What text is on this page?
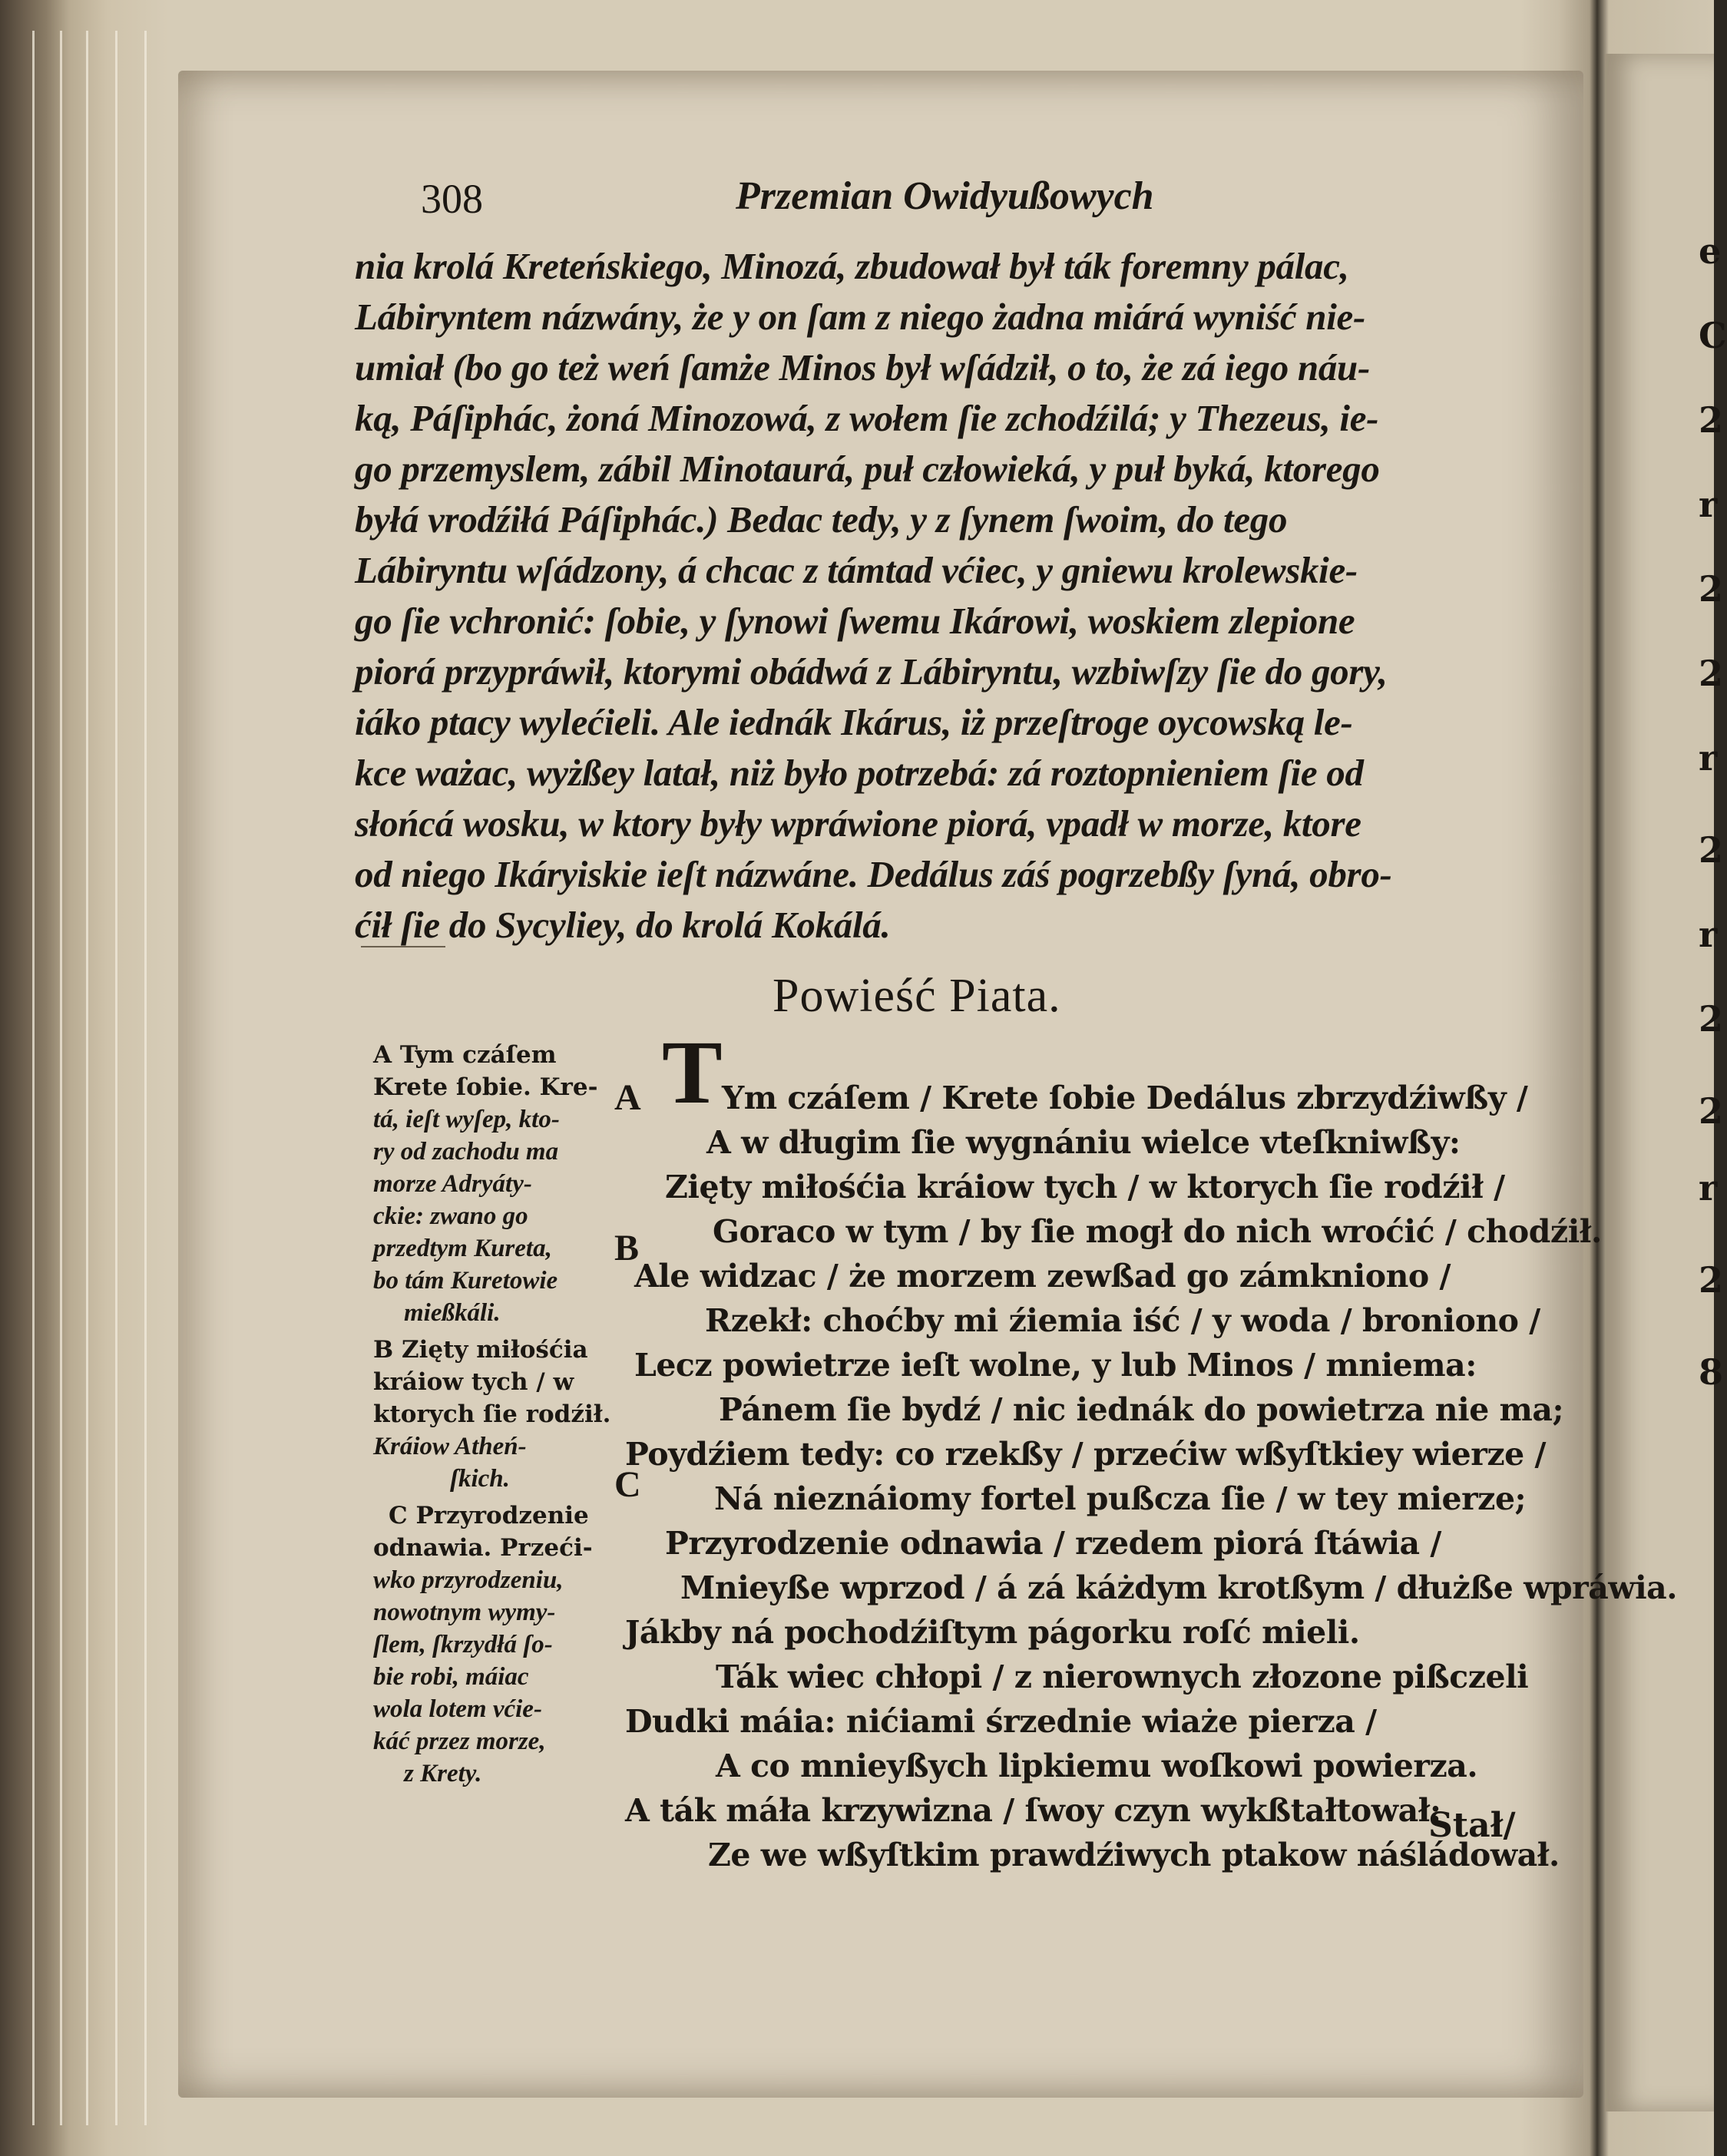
e
C
2
r
2
2
r
2
r
2
2
r
2
8
308	Przemian Owidyußowych
nia krolá Kreteńskiego, Minozá, zbudował był ták foremny pálac,
Lábiryntem názwány, że y on ſam z niego żadna miárá wyniść nie-
umiał (bo go też weń ſamże Minos był wſádził, o to, że zá iego náu-
ką, Páſiphác, żoná Minozowá, z wołem ſie zchodźilá; y Thezeus, ie-
go przemyslem, zábil Minotaurá, puł człowieká, y puł byká, ktorego
byłá vrodźiłá Páſiphác.) Bedac tedy, y z ſynem ſwoim, do tego
Lábiryntu wſádzony, á chcac z támtad vćiec, y gniewu krolewskie-
go ſie vchronić: ſobie, y ſynowi ſwemu Ikárowi, woskiem zlepione
piorá przypráwił, ktorymi obádwá z Lábiryntu, wzbiwſzy ſie do gory,
iáko ptacy wylećieli. Ale iednák Ikárus, iż przeſtroge oycowską le-
kce ważac, wyżßey latał, niż było potrzebá: zá roztopnieniem ſie od
słońcá wosku, w ktory były wpráwione piorá, vpadł w morze, ktore
od niego Ikáryiskie ieſt názwáne. Dedálus záś pogrzebßy ſyná, obro-
ćił ſie do Sycyliey, do krolá Kokálá.
Powieść Piata.
A Tym czáſem
Krete ſobie. Kre-
tá, ieſt wyſep, kto-
ry od zachodu ma
morze Adryáty-
ckie: zwano go
przedtym Kureta,
bo tám Kuretowie
mießkáli.
B Zięty miłośćia
kráiow tych / w
ktorych ſie rodźił.
Kráiow Atheń-
ſkich.
C Przyrodzenie
odnawia. Przeći-
wko przyrodzeniu,
nowotnym wymy-
ſlem, ſkrzydłá ſo-
bie robi, máiac
wola lotem vćie-
káć przez morze,
z Krety.
A
B
C
T Ym czáſem / Krete ſobie Dedálus zbrzydźiwßy /
A w długim ſie wygnániu wielce vteſkniwßy:
Zięty miłośćia kráiow tych / w ktorych ſie rodźił /
Goraco w tym / by ſie mogł do nich wroćić / chodźił.
Ale widzac / że morzem zewßad go zámkniono /
Rzekł: choćby mi źiemia iść / y woda / broniono /
Lecz powietrze ieſt wolne, y lub Minos / mniema:
Pánem ſie bydź / nic iednák do powietrza nie ma;
Poydźiem tedy: co rzekßy / przećiw wßyſtkiey wierze /
Ná nieznáiomy fortel pußcza ſie / w tey mierze;
Przyrodzenie odnawia / rzedem piorá ſtáwia /
Mnieyße wprzod / á zá káżdym krotßym / dłużße wpráwia.
Jákby ná pochodźiſtym págorku roſć mieli.
Ták wiec chłopi / z nierownych złozone pißczeli
Dudki máia: nićiami śrzednie wiaże pierza /
A co mnieyßych lipkiemu woſkowi powierza.
A ták máła krzywizna / ſwoy czyn wykßtałtował:
Ze we wßyſtkim prawdźiwych ptakow náśládował.
Stał/
